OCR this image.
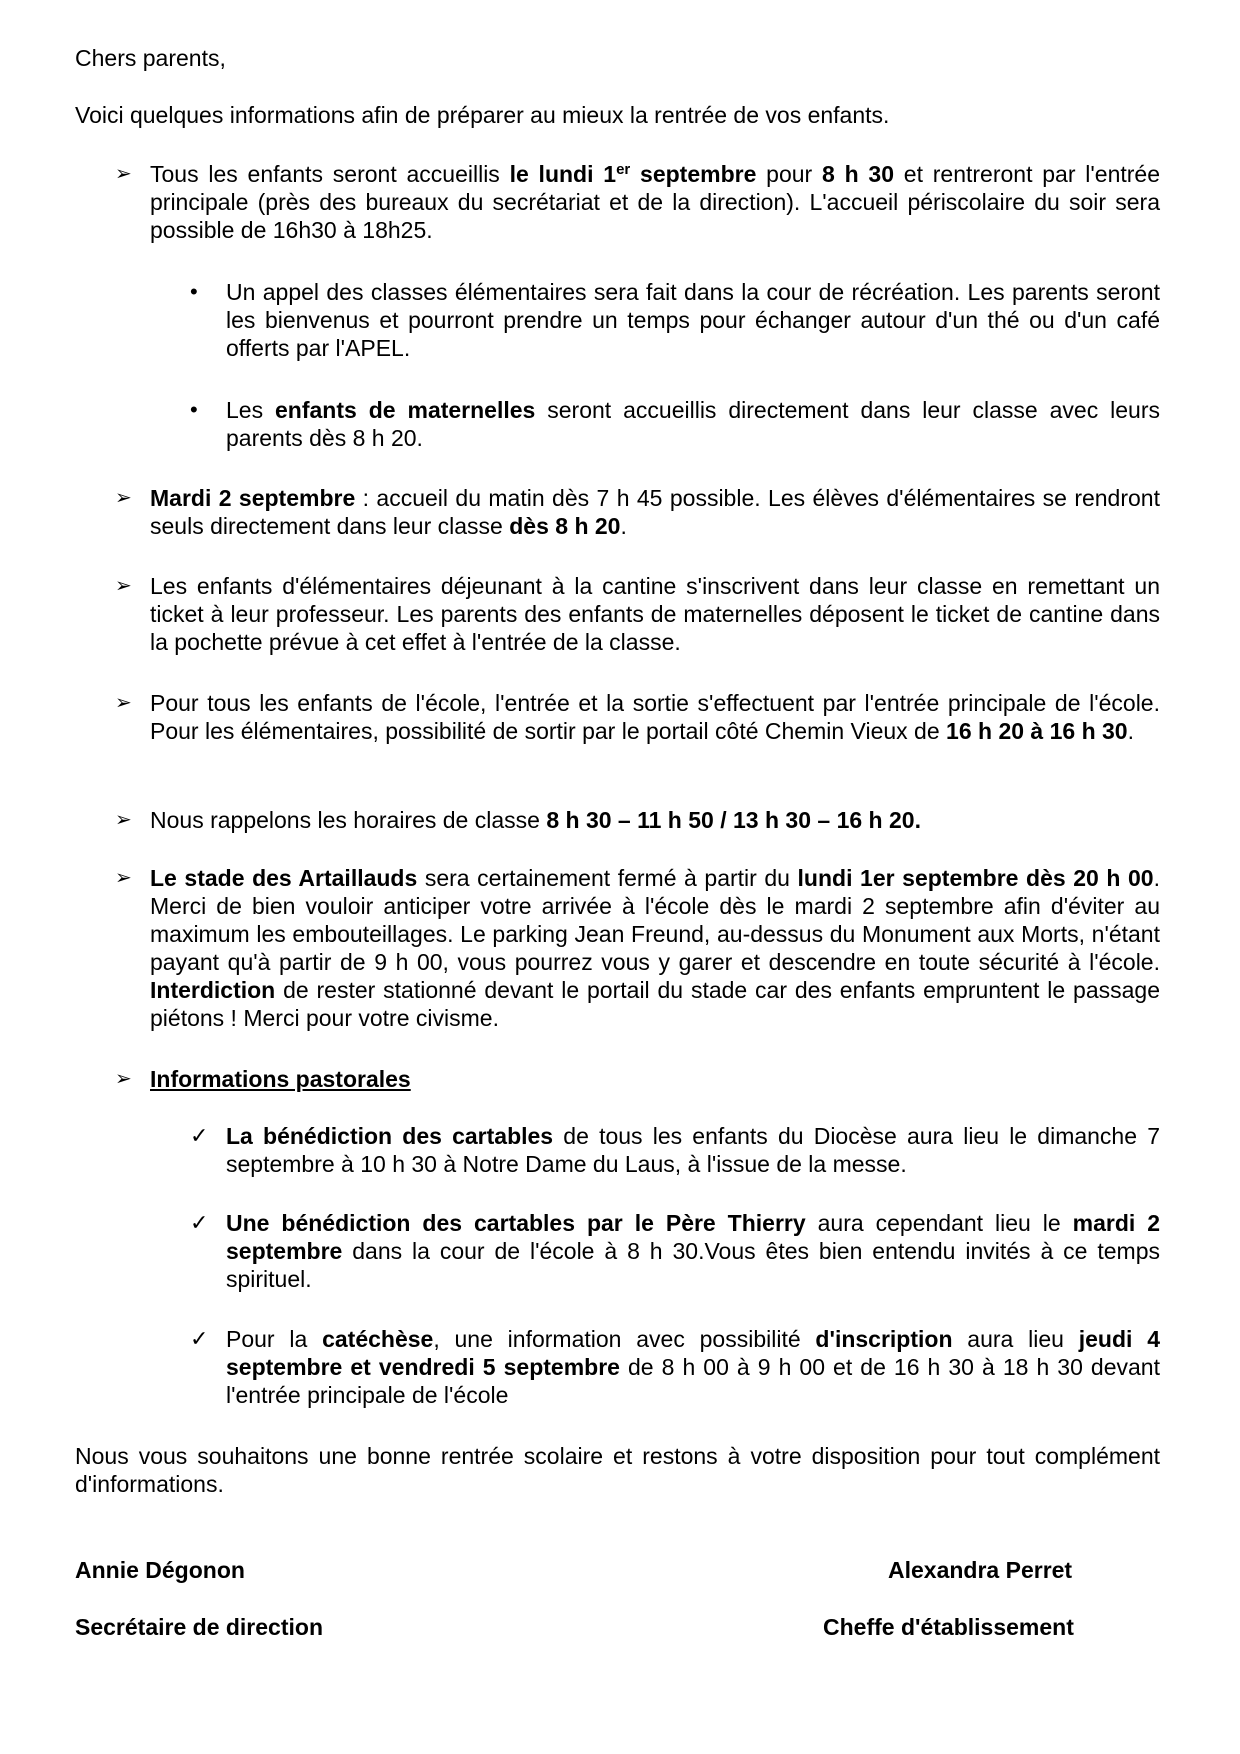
Chers parents,

Voici quelques informations afin de préparer au mieux la rentrée de vos enfants.

➢ Tous les enfants seront accueillis le lundi 1er septembre pour 8 h 30 et rentreront par l'entrée principale (près des bureaux du secrétariat et de la direction). L'accueil périscolaire du soir sera possible de 16h30 à 18h25.

•	Un appel des classes élémentaires sera fait dans la cour de récréation. Les parents seront les bienvenus et pourront prendre un temps pour échanger autour d'un thé ou d'un café offerts par l'APEL.

•	Les enfants de maternelles seront accueillis directement dans leur classe avec leurs parents dès 8 h 20.

➢ Mardi 2 septembre : accueil du matin dès 7 h 45 possible. Les élèves d'élémentaires se rendront seuls directement dans leur classe dès 8 h 20.

➢ Les enfants d'élémentaires déjeunant à la cantine s'inscrivent dans leur classe en remettant un ticket à leur professeur. Les parents des enfants de maternelles déposent le ticket de cantine dans la pochette prévue à cet effet à l'entrée de la classe.

➢ Pour tous les enfants de l'école, l'entrée et la sortie s'effectuent par l'entrée principale de l'école. Pour les élémentaires, possibilité de sortir par le portail côté Chemin Vieux de 16 h 20 à 16 h 30.

➢ Nous rappelons les horaires de classe 8 h 30 – 11 h 50 / 13 h 30 – 16 h 20.

➢ Le stade des Artaillauds sera certainement fermé à partir du lundi 1er septembre dès 20 h 00. Merci de bien vouloir anticiper votre arrivée à l'école dès le mardi 2 septembre afin d'éviter au maximum les embouteillages. Le parking Jean Freund, au-dessus du Monument aux Morts, n'étant payant qu'à partir de 9 h 00, vous pourrez vous y garer et descendre en toute sécurité à l'école. Interdiction de rester stationné devant le portail du stade car des enfants empruntent le passage piétons ! Merci pour votre civisme.

➢ Informations pastorales

✓ La bénédiction des cartables de tous les enfants du Diocèse aura lieu le dimanche 7 septembre à 10 h 30 à Notre Dame du Laus, à l'issue de la messe.

✓ Une bénédiction des cartables par le Père Thierry aura cependant lieu le mardi 2 septembre dans la cour de l'école à 8 h 30.Vous êtes bien entendu invités à ce temps spirituel.

✓ Pour la catéchèse, une information avec possibilité d'inscription aura lieu jeudi 4 septembre et vendredi 5 septembre de 8 h 00 à 9 h 00 et de 16 h 30 à 18 h 30 devant l'entrée principale de l'école

Nous vous souhaitons une bonne rentrée scolaire et restons à votre disposition pour tout complément d'informations.

Annie Dégonon

Secrétaire de direction

Alexandra Perret

Cheffe d'établissement
